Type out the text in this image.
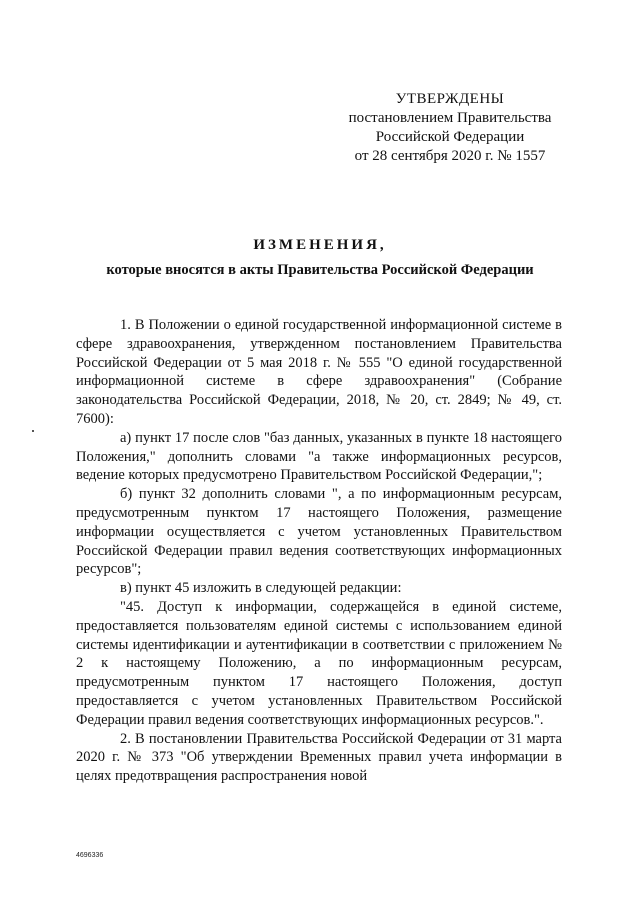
УТВЕРЖДЕНЫ
постановлением Правительства
Российской Федерации
от 28 сентября 2020 г. № 1557
ИЗМЕНЕНИЯ,
которые вносятся в акты Правительства Российской Федерации

1. В Положении о единой государственной информационной системе в сфере здравоохранения, утвержденном постановлением Правительства Российской Федерации от 5 мая 2018 г. № 555 "О единой государственной информационной системе в сфере здравоохранения" (Собрание законодательства Российской Федерации, 2018, № 20, ст. 2849; № 49, ст. 7600):

а) пункт 17 после слов "баз данных, указанных в пункте 18 настоящего Положения," дополнить словами "а также информационных ресурсов, ведение которых предусмотрено Правительством Российской Федерации,";

б) пункт 32 дополнить словами ", а по информационным ресурсам, предусмотренным пунктом 17 настоящего Положения, размещение информации осуществляется с учетом установленных Правительством Российской Федерации правил ведения соответствующих информационных ресурсов";

в) пункт 45 изложить в следующей редакции:

"45. Доступ к информации, содержащейся в единой системе, предоставляется пользователям единой системы с использованием единой системы идентификации и аутентификации в соответствии с приложением № 2 к настоящему Положению, а по информационным ресурсам, предусмотренным пунктом 17 настоящего Положения, доступ предоставляется с учетом установленных Правительством Российской Федерации правил ведения соответствующих информационных ресурсов.".

2. В постановлении Правительства Российской Федерации от 31 марта 2020 г. № 373 "Об утверждении Временных правил учета информации в целях предотвращения распространения новой

4696336
